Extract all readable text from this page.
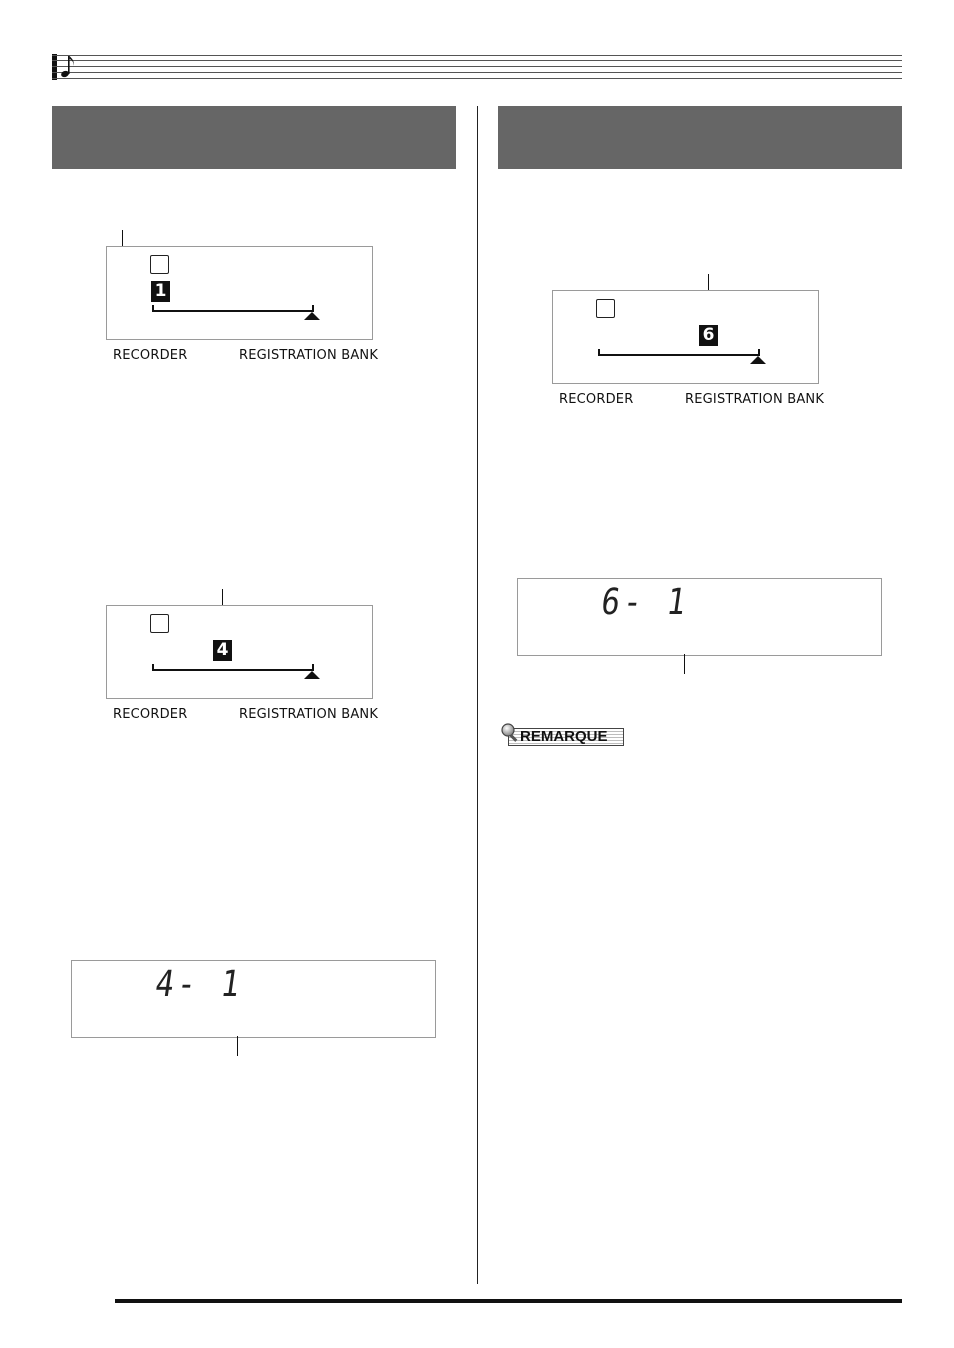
1
RECORDER	REGISTRATION BANK
4
RECORDER	REGISTRATION BANK
6
RECORDER	REGISTRATION BANK
4- 1
6- 1
REMARQUE
